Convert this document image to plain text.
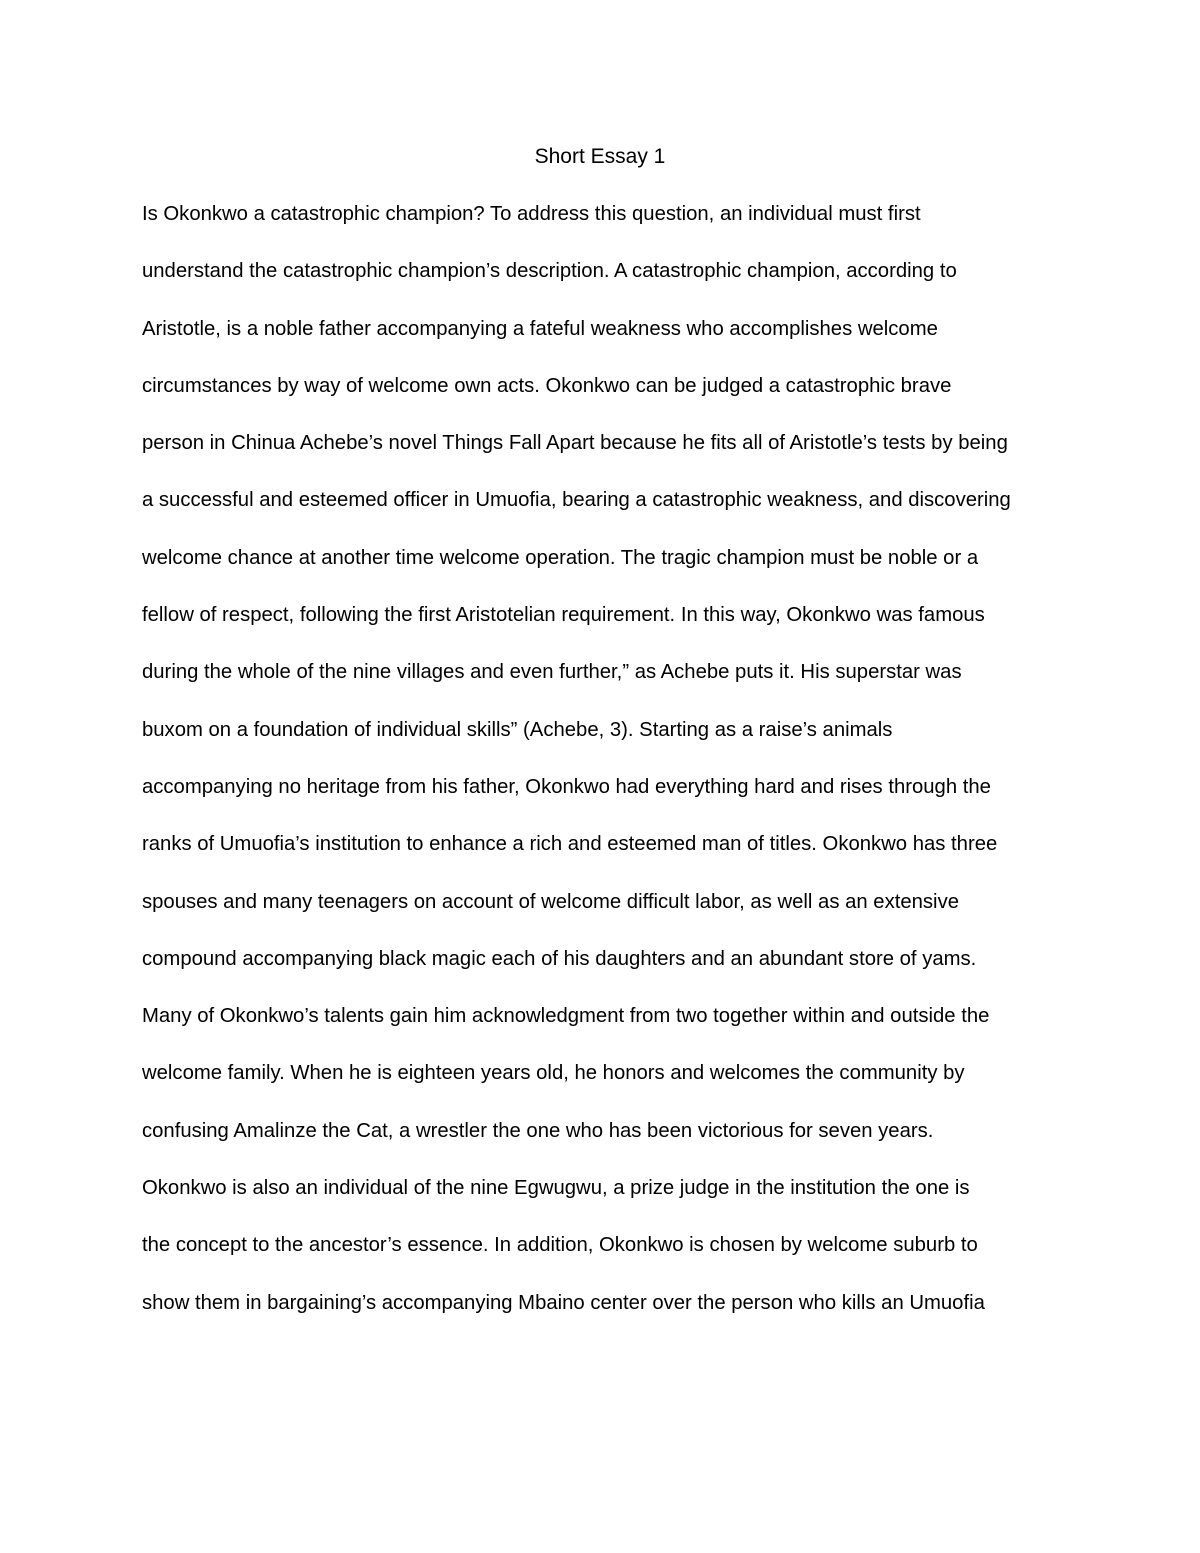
Short Essay 1
Is Okonkwo a catastrophic champion? To address this question, an individual must first
understand the catastrophic champion’s description. A catastrophic champion, according to
Aristotle, is a noble father accompanying a fateful weakness who accomplishes welcome
circumstances by way of welcome own acts. Okonkwo can be judged a catastrophic brave
person in Chinua Achebe’s novel Things Fall Apart because he fits all of Aristotle’s tests by being
a successful and esteemed officer in Umuofia, bearing a catastrophic weakness, and discovering
welcome chance at another time welcome operation. The tragic champion must be noble or a
fellow of respect, following the first Aristotelian requirement. In this way, Okonkwo was famous
during the whole of the nine villages and even further,” as Achebe puts it. His superstar was
buxom on a foundation of individual skills” (Achebe, 3). Starting as a raise’s animals
accompanying no heritage from his father, Okonkwo had everything hard and rises through the
ranks of Umuofia’s institution to enhance a rich and esteemed man of titles. Okonkwo has three
spouses and many teenagers on account of welcome difficult labor, as well as an extensive
compound accompanying black magic each of his daughters and an abundant store of yams.
Many of Okonkwo’s talents gain him acknowledgment from two together within and outside the
welcome family. When he is eighteen years old, he honors and welcomes the community by
confusing Amalinze the Cat, a wrestler the one who has been victorious for seven years.
Okonkwo is also an individual of the nine Egwugwu, a prize judge in the institution the one is
the concept to the ancestor’s essence. In addition, Okonkwo is chosen by welcome suburb to
show them in bargaining’s accompanying Mbaino center over the person who kills an Umuofia
